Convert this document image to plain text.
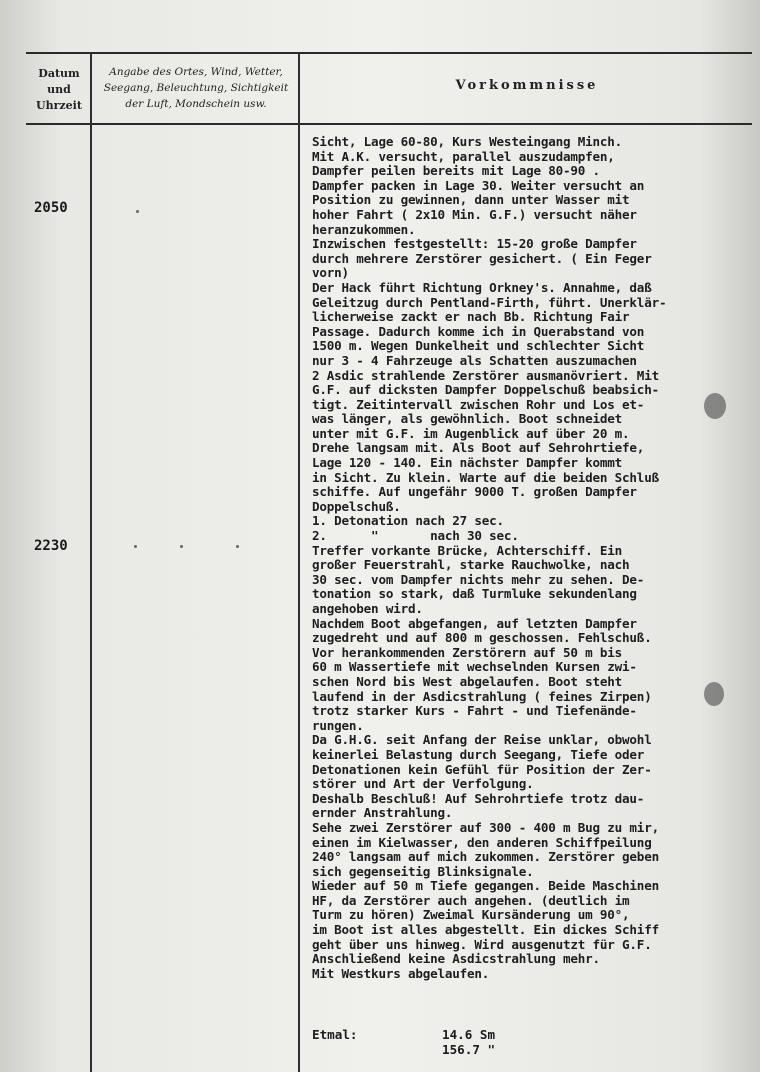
Datum und Uhrzeit
Angabe des Ortes, Wind, Wetter, Seegang, Beleuchtung, Sichtigkeit der Luft, Mondschein usw.
Vorkommnisse
2050
2230

Sicht, Lage 60-80, Kurs Westeingang Minch.
Mit A.K. versucht, parallel auszudampfen,
Dampfer peilen bereits mit Lage 80-90 .
Dampfer packen in Lage 30. Weiter versucht an
Position zu gewinnen, dann unter Wasser mit
hoher Fahrt ( 2x10 Min. G.F.) versucht näher
heranzukommen.

Inzwischen festgestellt: 15-20 große Dampfer
durch mehrere Zerstörer gesichert. ( Ein Feger
vorn)

Der Hack führt Richtung Orkney's. Annahme, daß
Geleitzug durch Pentland-Firth, führt. Unerklär-
licherweise zackt er nach Bb. Richtung Fair
Passage. Dadurch komme ich in Querabstand von
1500 m. Wegen Dunkelheit und schlechter Sicht
nur 3 - 4 Fahrzeuge als Schatten auszumachen
2 Asdic strahlende Zerstörer ausmanövriert. Mit
G.F. auf dicksten Dampfer Doppelschuß beabsich-
tigt. Zeitintervall zwischen Rohr und Los et-
was länger, als gewöhnlich. Boot schneidet
unter mit G.F. im Augenblick auf über 20 m.
Drehe langsam mit. Als Boot auf Sehrohrtiefe,
Lage 120 - 140. Ein nächster Dampfer kommt
in Sicht. Zu klein. Warte auf die beiden Schluß
schiffe. Auf ungefähr 9000 T. großen Dampfer
Doppelschuß.

1. Detonation nach 27 sec.
2.      "       nach 30 sec.
Treffer vorkante Brücke, Achterschiff. Ein
großer Feuerstrahl, starke Rauchwolke, nach
30 sec. vom Dampfer nichts mehr zu sehen. De-
tonation so stark, daß Turmluke sekundenlang
angehoben wird.

Nachdem Boot abgefangen, auf letzten Dampfer
zugedreht und auf 800 m geschossen. Fehlschuß.
Vor herankommenden Zerstörern auf 50 m bis
60 m Wassertiefe mit wechselnden Kursen zwi-
schen Nord bis West abgelaufen. Boot steht
laufend in der Asdicstrahlung ( feines Zirpen)
trotz starker Kurs - Fahrt - und Tiefenände-
rungen.

Da G.H.G. seit Anfang der Reise unklar, obwohl
keinerlei Belastung durch Seegang, Tiefe oder
Detonationen kein Gefühl für Position der Zer-
störer und Art der Verfolgung.

Deshalb Beschluß! Auf Sehrohrtiefe trotz dau-
ernder Anstrahlung.

Sehe zwei Zerstörer auf 300 - 400 m Bug zu mir,
einen im Kielwasser, den anderen Schiffpeilung
240° langsam auf mich zukommen. Zerstörer geben
sich gegenseitig Blinksignale.

Wieder auf 50 m Tiefe gegangen. Beide Maschinen
HF, da Zerstörer auch angehen. (deutlich im
Turm zu hören) Zweimal Kursänderung um 90°,
im Boot ist alles abgestellt. Ein dickes Schiff
geht über uns hinweg. Wird ausgenutzt für G.F.
Anschließend keine Asdicstrahlung mehr.
Mit Westkurs abgelaufen.

Etmal:	14.6 Sm
156.7 "
